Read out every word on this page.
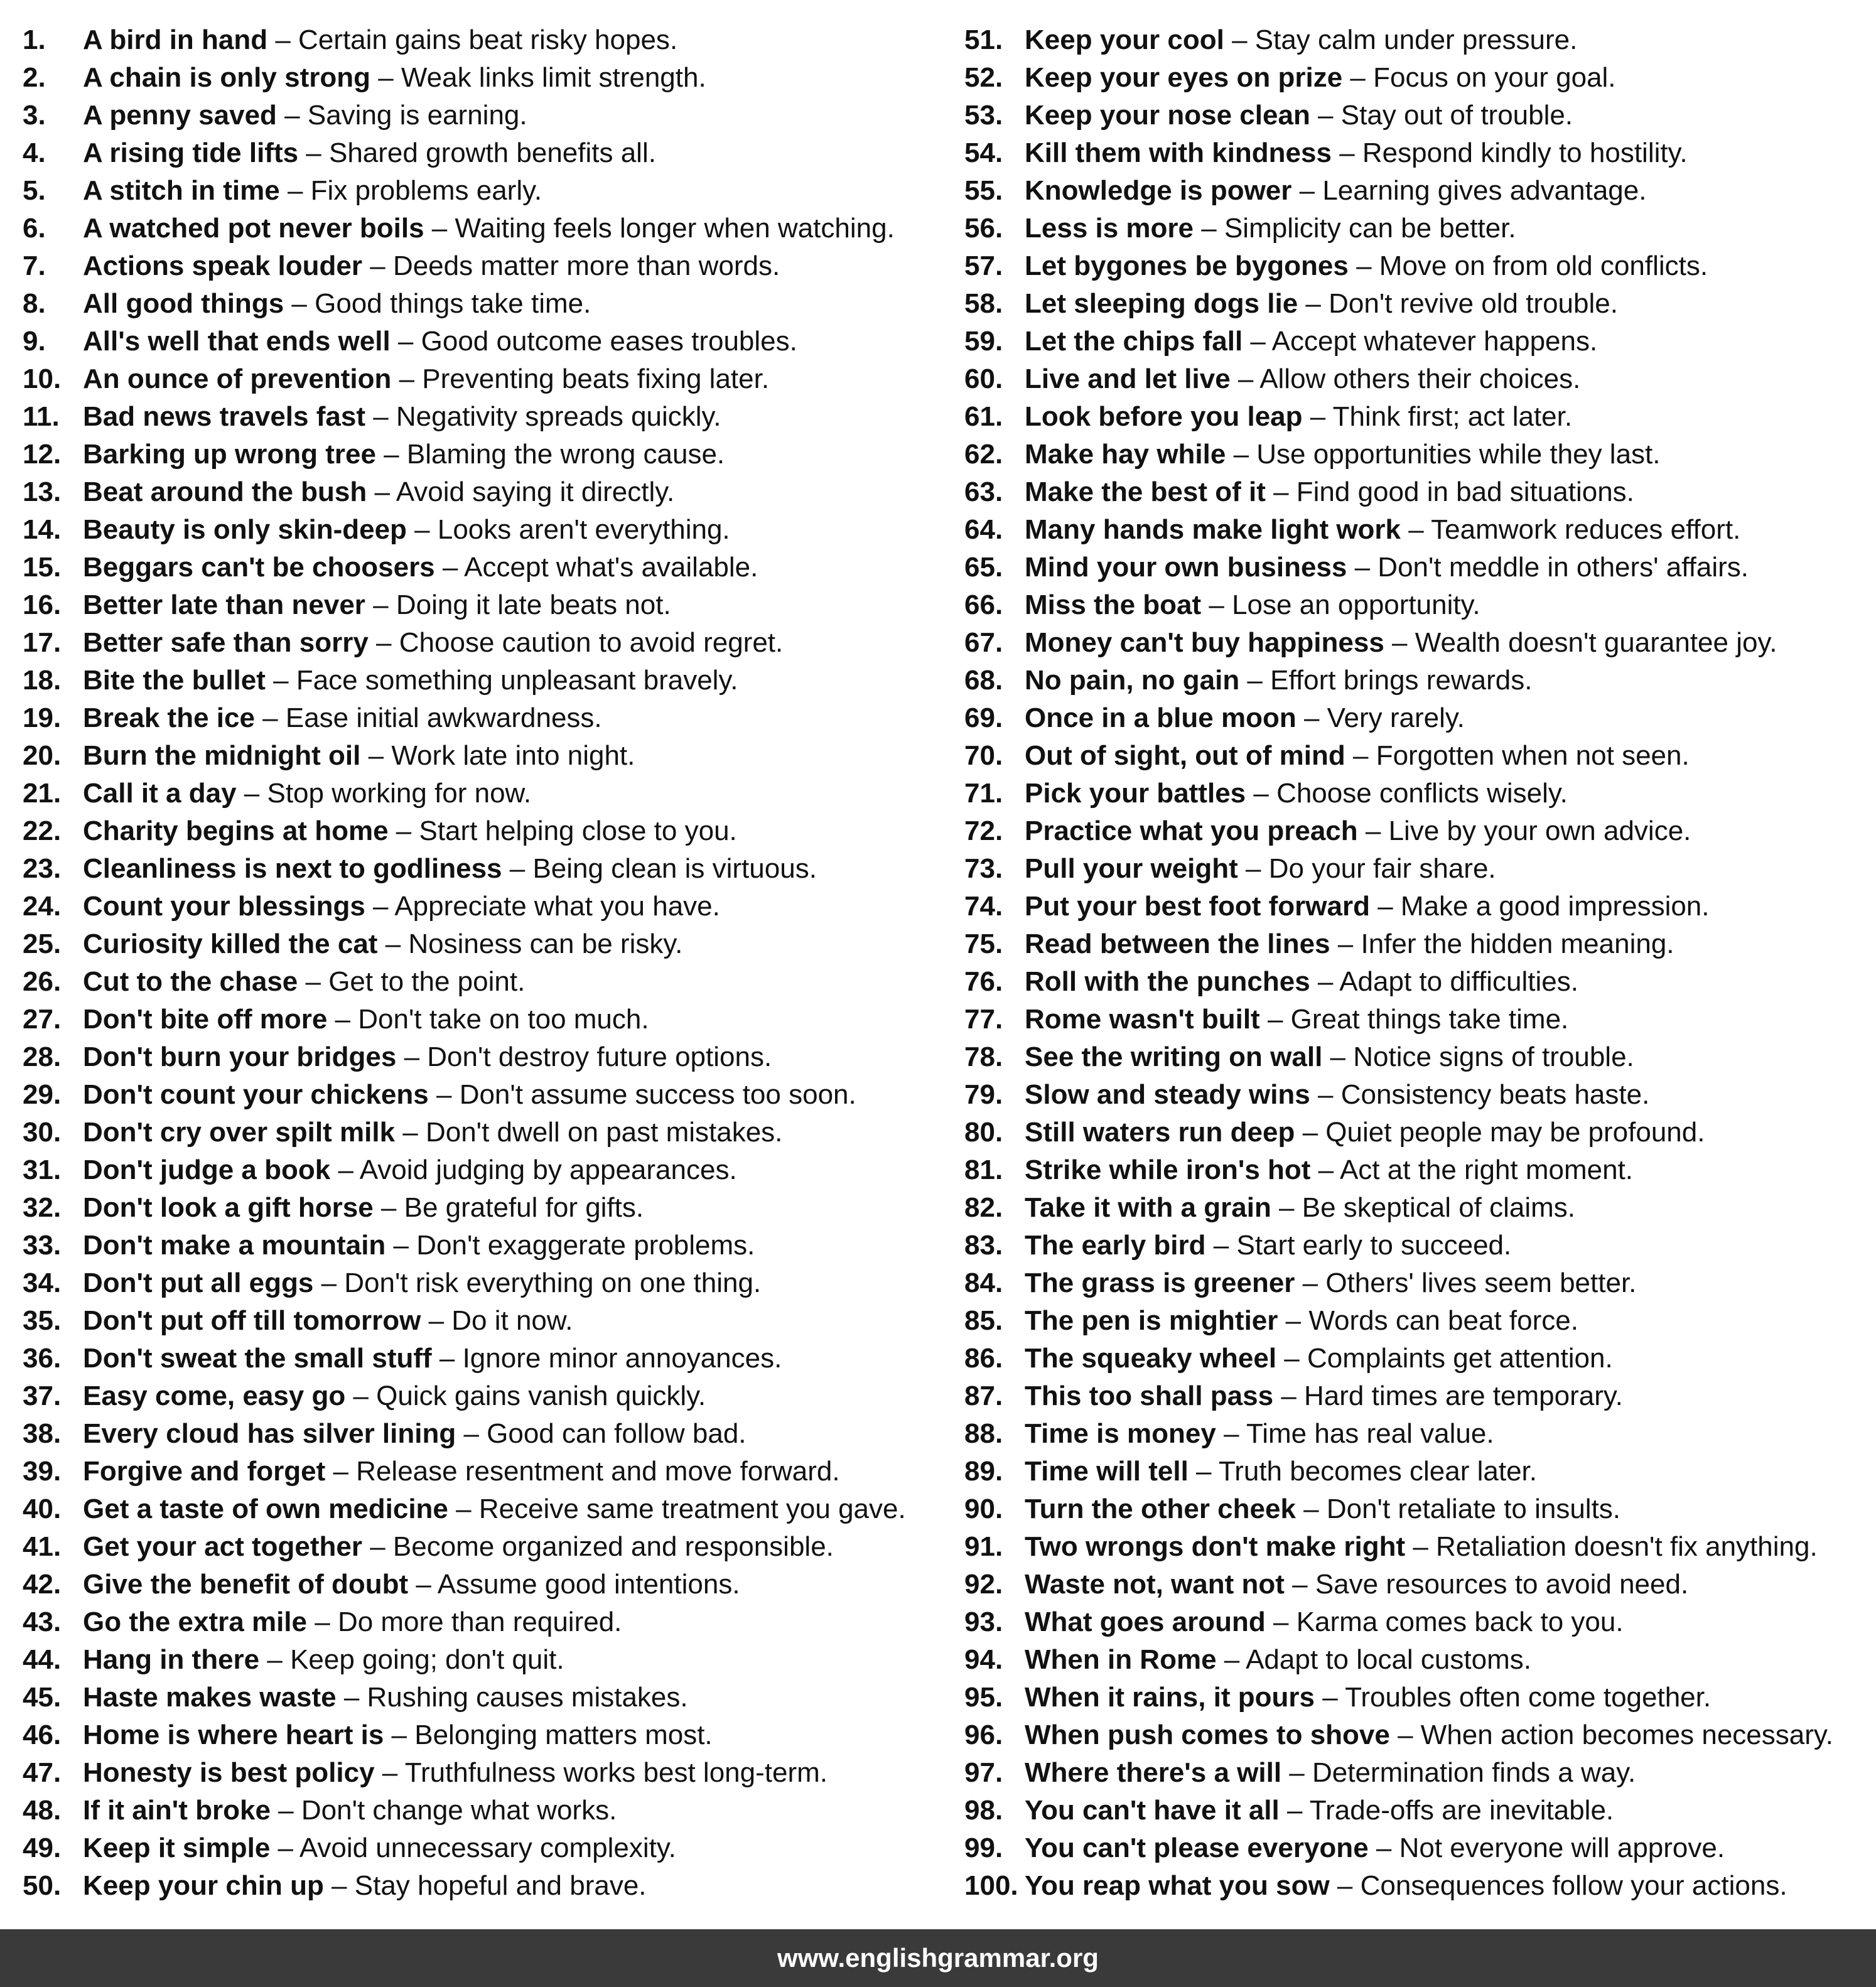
1.	A bird in hand – Certain gains beat risky hopes.
2.	A chain is only strong – Weak links limit strength.
3.	A penny saved – Saving is earning.
4.	A rising tide lifts – Shared growth benefits all.
5.	A stitch in time – Fix problems early.
6.	A watched pot never boils – Waiting feels longer when watching.
7.	Actions speak louder – Deeds matter more than words.
8.	All good things – Good things take time.
9.	All's well that ends well – Good outcome eases troubles.
10. An ounce of prevention – Preventing beats fixing later.
11. Bad news travels fast – Negativity spreads quickly.
12. Barking up wrong tree – Blaming the wrong cause.
13. Beat around the bush – Avoid saying it directly.
14. Beauty is only skin-deep – Looks aren't everything.
15. Beggars can't be choosers – Accept what's available.
16. Better late than never – Doing it late beats not.
17. Better safe than sorry – Choose caution to avoid regret.
18. Bite the bullet – Face something unpleasant bravely.
19. Break the ice – Ease initial awkwardness.
20. Burn the midnight oil – Work late into night.
21. Call it a day – Stop working for now.
22. Charity begins at home – Start helping close to you.
23. Cleanliness is next to godliness – Being clean is virtuous.
24. Count your blessings – Appreciate what you have.
25. Curiosity killed the cat – Nosiness can be risky.
26. Cut to the chase – Get to the point.
27. Don't bite off more – Don't take on too much.
28. Don't burn your bridges – Don't destroy future options.
29. Don't count your chickens – Don't assume success too soon.
30. Don't cry over spilt milk – Don't dwell on past mistakes.
31. Don't judge a book – Avoid judging by appearances.
32. Don't look a gift horse – Be grateful for gifts.
33. Don't make a mountain – Don't exaggerate problems.
34. Don't put all eggs – Don't risk everything on one thing.
35. Don't put off till tomorrow – Do it now.
36. Don't sweat the small stuff – Ignore minor annoyances.
37. Easy come, easy go – Quick gains vanish quickly.
38. Every cloud has silver lining – Good can follow bad.
39. Forgive and forget – Release resentment and move forward.
40. Get a taste of own medicine – Receive same treatment you gave.
41. Get your act together – Become organized and responsible.
42. Give the benefit of doubt – Assume good intentions.
43. Go the extra mile – Do more than required.
44. Hang in there – Keep going; don't quit.
45. Haste makes waste – Rushing causes mistakes.
46. Home is where heart is – Belonging matters most.
47. Honesty is best policy – Truthfulness works best long-term.
48. If it ain't broke – Don't change what works.
49. Keep it simple – Avoid unnecessary complexity.
50. Keep your chin up – Stay hopeful and brave.
51. Keep your cool – Stay calm under pressure.
52. Keep your eyes on prize – Focus on your goal.
53. Keep your nose clean – Stay out of trouble.
54. Kill them with kindness – Respond kindly to hostility.
55. Knowledge is power – Learning gives advantage.
56. Less is more – Simplicity can be better.
57. Let bygones be bygones – Move on from old conflicts.
58. Let sleeping dogs lie – Don't revive old trouble.
59. Let the chips fall – Accept whatever happens.
60. Live and let live – Allow others their choices.
61. Look before you leap – Think first; act later.
62. Make hay while – Use opportunities while they last.
63. Make the best of it – Find good in bad situations.
64. Many hands make light work – Teamwork reduces effort.
65. Mind your own business – Don't meddle in others' affairs.
66. Miss the boat – Lose an opportunity.
67. Money can't buy happiness – Wealth doesn't guarantee joy.
68. No pain, no gain – Effort brings rewards.
69. Once in a blue moon – Very rarely.
70. Out of sight, out of mind – Forgotten when not seen.
71. Pick your battles – Choose conflicts wisely.
72. Practice what you preach – Live by your own advice.
73. Pull your weight – Do your fair share.
74. Put your best foot forward – Make a good impression.
75. Read between the lines – Infer the hidden meaning.
76. Roll with the punches – Adapt to difficulties.
77. Rome wasn't built – Great things take time.
78. See the writing on wall – Notice signs of trouble.
79. Slow and steady wins – Consistency beats haste.
80. Still waters run deep – Quiet people may be profound.
81. Strike while iron's hot – Act at the right moment.
82. Take it with a grain – Be skeptical of claims.
83. The early bird – Start early to succeed.
84. The grass is greener – Others' lives seem better.
85. The pen is mightier – Words can beat force.
86. The squeaky wheel – Complaints get attention.
87. This too shall pass – Hard times are temporary.
88. Time is money – Time has real value.
89. Time will tell – Truth becomes clear later.
90. Turn the other cheek – Don't retaliate to insults.
91. Two wrongs don't make right – Retaliation doesn't fix anything.
92. Waste not, want not – Save resources to avoid need.
93. What goes around – Karma comes back to you.
94. When in Rome – Adapt to local customs.
95. When it rains, it pours – Troubles often come together.
96. When push comes to shove – When action becomes necessary.
97. Where there's a will – Determination finds a way.
98. You can't have it all – Trade-offs are inevitable.
99. You can't please everyone – Not everyone will approve.
100. You reap what you sow – Consequences follow your actions.
www.englishgrammar.org
